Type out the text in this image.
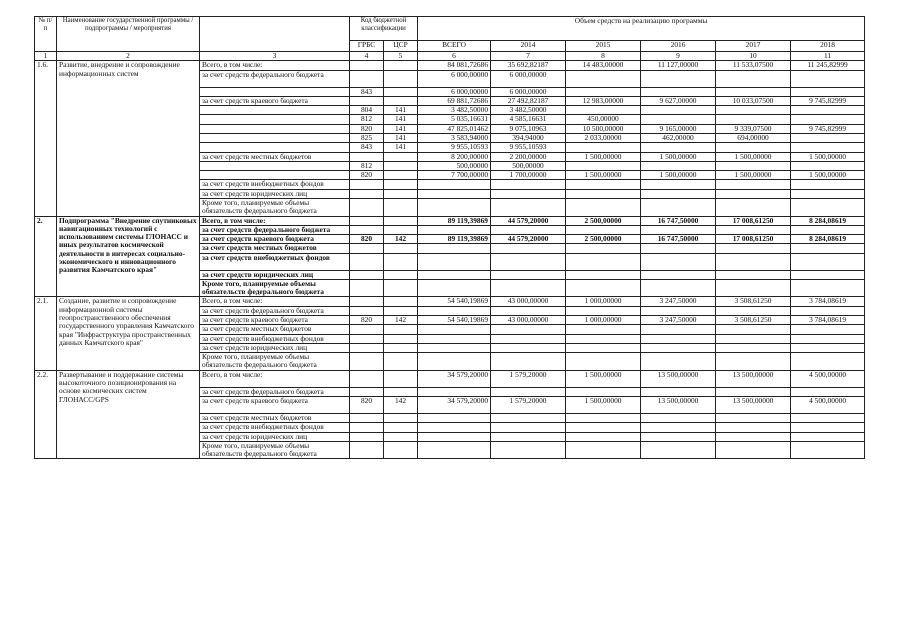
№ п/п	Наименование государственной программы / подпрограммы / мероприятия		Код бюджетной классификации		Объем средств на реализацию программы					
			ГРБС	ЦСР	ВСЕГО	2014	2015	2016	2017	2018
1	2	3	4	5	6	7	8	9	10	11
1.6.	Развитие, внедрение и сопровождение информационных систем	Всего, в том числе:			84 081,72686	35 692,82187	14 483,00000	11 127,00000	11 533,07500	11 245,82999
		за счет средств федерального бюджета			6 000,00000	6 000,00000				
			843		6 000,00000	6 000,00000				
		за счет средств краевого бюджета			69 881,72686	27 492,82187	12 983,00000	9 627,00000	10 033,07500	9 745,82999
			804	141	3 482,50000	3 482,50000				
			812	141	5 035,16631	4 585,16631	450,00000			
			820	141	47 825,01462	9 075,10963	10 500,00000	9 165,00000	9 339,07500	9 745,82999
			825	141	3 583,94000	394,94000	2 033,00000	462,00000	694,00000	
			843	141	9 955,10593	9 955,10593				
		за счет средств местных бюджетов			8 200,00000	2 200,00000	1 500,00000	1 500,00000	1 500,00000	1 500,00000
			812		500,00000	500,00000				
			820		7 700,00000	1 700,00000	1 500,00000	1 500,00000	1 500,00000	1 500,00000
		за счет средств внебюджетных фондов								
		за счет средств юридических лиц								
		Кроме того, планируемые объемы обязательств федерального бюджета								
2.	Подпрограмма "Внедрение спутниковых навигационных технологий с использованием системы ГЛОНАСС и иных результатов космической деятельности в интересах социально-экономического и инновационного развития Камчатского края"	Всего, в том числе:			89 119,39869	44 579,20000	2 500,00000	16 747,50000	17 008,61250	8 284,08619
		за счет средств федерального бюджета								
		за счет средств краевого бюджета	820	142	89 119,39869	44 579,20000	2 500,00000	16 747,50000	17 008,61250	8 284,08619
		за счет средств местных бюджетов								
		за счет средств внебюджетных фондов								
		за счет средств юридических лиц								
		Кроме того, планируемые объемы обязательств федерального бюджета								
2.1.	Создание, развитие и сопровождение информационной системы геопространственного обеспечения государственного управления Камчатского края "Инфраструктура пространственных данных Камчатского края"	Всего, в том числе:			54 540,19869	43 000,00000	1 000,00000	3 247,50000	3 508,61250	3 784,08619
		за счет средств федерального бюджета								
		за счет средств краевого бюджета	820	142	54 540,19869	43 000,00000	1 000,00000	3 247,50000	3 508,61250	3 784,08619
		за счет средств местных бюджетов								
		за счет средств внебюджетных фондов								
		за счет средств юридических лиц								
		Кроме того, планируемые объемы обязательств федерального бюджета								
2.2.	Развертывание и поддержание системы высокоточного позиционирования на основе космических систем ГЛОНАСС/GPS	Всего, в том числе:			34 579,20000	1 579,20000	1 500,00000	13 500,00000	13 500,00000	4 500,00000
		за счет средств федерального бюджета								
		за счет средств краевого бюджета	820	142	34 579,20000	1 579,20000	1 500,00000	13 500,00000	13 500,00000	4 500,00000
		за счет средств местных бюджетов								
		за счет средств внебюджетных фондов								
		за счет средств юридических лиц								
		Кроме того, планируемые объемы обязательств федерального бюджета								
